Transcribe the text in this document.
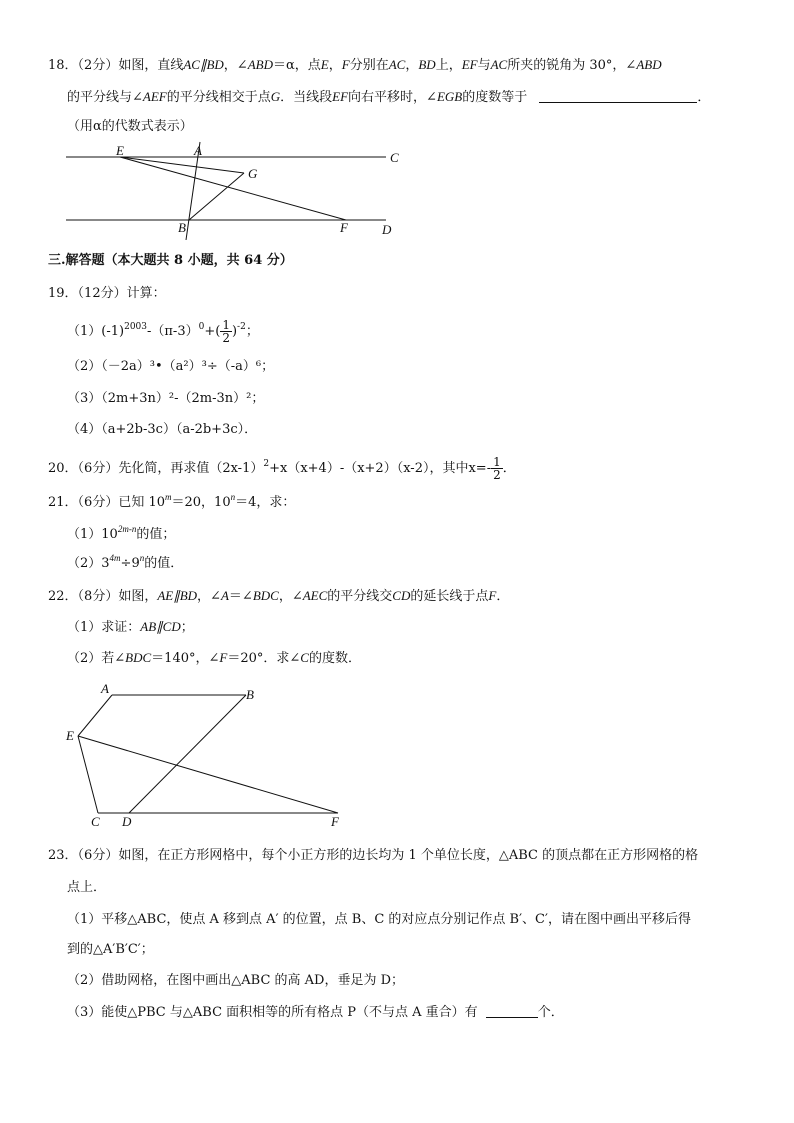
18．（2分）如图，直线AC∥BD，∠ABD＝α，点E，F分别在AC，BD上，EF与AC所夹的锐角为 30°，∠ABD
的平分线与∠AEF的平分线相交于点G．当线段EF向右平移时，∠EGB的度数等于	．
（用α的代数式表示）
E	A	C
G
B	F	D
三.解答题（本大题共 8 小题，共 64 分）
19．（12分）计算：
$(1)(-1)^{2003}-(\pi-3)^0+( \frac{1}{2} )^{-2}$；
（2）（－2a）³•（a²）³÷（-a）⁶；
（3）（2m+3n）²-（2m-3n）²；
（4）（a+2b-3c）（a-2b+3c）．
20．（6分）先化简，再求值$(2x-1)^2+x(x+4)-(x+2)(x-2)$，其中$x=- \frac{1}{2}$ ．
21．（6分）已知 $10^m=20$，$10^n=4$，求：
$(1)10^{2m-n}$的值；
$(2)3^{4m}\div 9^n$的值．
22．（8分）如图，AE∥BD，∠A＝∠BDC，∠AEC的平分线交CD的延长线于点F．
（1）求证：AB∥CD；
（2）若∠BDC＝140°，∠F＝20°．求∠C的度数．
A	B
E
C D	F
23．（6分）如图，在正方形网格中，每个小正方形的边长均为 1 个单位长度，△ABC 的顶点都在正方形网格的格
点上．
（1）平移△ABC，使点 A 移到点 A′ 的位置，点 B、C 的对应点分别记作点 B′、C′，请在图中画出平移后得
到的△A′B′C′；
（2）借助网格，在图中画出△ABC 的高 AD，垂足为 D；
（3）能使△PBC 与△ABC 面积相等的所有格点 P（不与点 A 重合）有	个．
